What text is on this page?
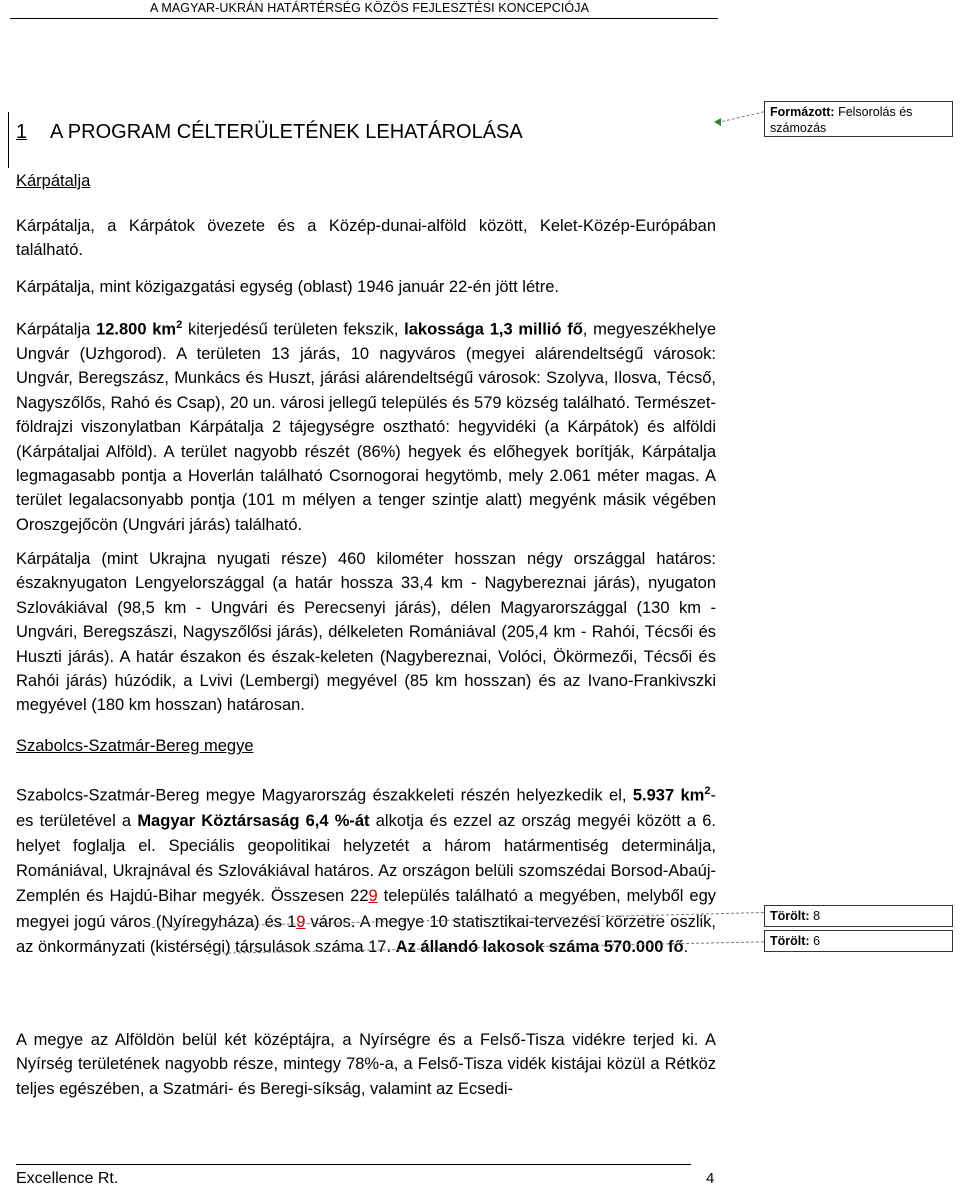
A MAGYAR-UKRÁN HATÁRTÉRSÉG KÖZÖS FEJLESZTÉSI KONCEPCIÓJA
1 A PROGRAM CÉLTERÜLETÉNEK LEHATÁROLÁSA
Kárpátalja

Kárpátalja, a Kárpátok övezete és a Közép-dunai-alföld között, Kelet-Közép-Európában található.

Kárpátalja, mint közigazgatási egység (oblast) 1946 január 22-én jött létre.

Kárpátalja 12.800 $km^2$ kiterjedésű területen fekszik, lakossága 1,3 millió fő, megyeszékhelye Ungvár (Uzhgorod). A területen 13 járás, 10 nagyváros (megyei alárendeltségű városok: Ungvár, Beregszász, Munkács és Huszt, járási alárendeltségű városok: Szolyva, Ilosva, Técső, Nagyszőlős, Rahó és Csap), 20 un. városi jellegű település és 579 község található. Természet-földrajzi viszonylatban Kárpátalja 2 tájegységre osztható: hegyvidéki (a Kárpátok) és alföldi (Kárpátaljai Alföld). A terület nagyobb részét (86%) hegyek és előhegyek borítják, Kárpátalja legmagasabb pontja a Hoverlán található Csornogorai hegytömb, mely 2.061 méter magas. A terület legalacsonyabb pontja (101 m mélyen a tenger szintje alatt) megyénk másik végében Oroszgejőcön (Ungvári járás) található.

Kárpátalja (mint Ukrajna nyugati része) 460 kilométer hosszan négy országgal határos: északnyugaton Lengyelországgal (a határ hossza 33,4 km - Nagybereznai járás), nyugaton Szlovákiával (98,5 km - Ungvári és Perecsenyi járás), délen Magyarországgal (130 km - Ungvári, Beregszászi, Nagyszőlősi járás), délkeleten Romániával (205,4 km - Rahói, Técsői és Huszti járás). A határ északon és észak-keleten (Nagybereznai, Volóci, Ökörmezői, Técsői és Rahói járás) húzódik, a Lvivi (Lembergi) megyével (85 km hosszan) és az Ivano-Frankivszki megyével (180 km hosszan) határosan.

Szabolcs-Szatmár-Bereg megye

Szabolcs-Szatmár-Bereg megye Magyarország északkeleti részén helyezkedik el, 5.937 $km^2-es$ területével a Magyar Köztársaság 6,4 %-át alkotja és ezzel az ország megyéi között a 6. helyet foglalja el. Speciális geopolitikai helyzetét a három határmentiség determinálja, Romániával, Ukrajnával és Szlovákiával határos. Az országon belüli szomszédai Borsod-Abaúj-Zemplén és Hajdú-Bihar megyék. Összesen 229 település található a megyében, melyből egy megyei jogú város (Nyíregyháza) és 19 város. A megye 10 statisztikai-tervezési körzetre oszlik, az önkormányzati (kistérségi) társulások száma 17. Az állandó lakosok száma 570.000 fő.

A megye az Alföldön belül két középtájra, a Nyírségre és a Felső-Tisza vidékre terjed ki. A Nyírség területének nagyobb része, mintegy 78%-a, a Felső-Tisza vidék kistájai közül a Rétköz teljes egészében, a Szatmári- és Beregi-síkság, valamint az Ecsedi-

Formázott: Felsorolás és számozás
Törölt: 8
Törölt: 6
Excellence Rt.	4
